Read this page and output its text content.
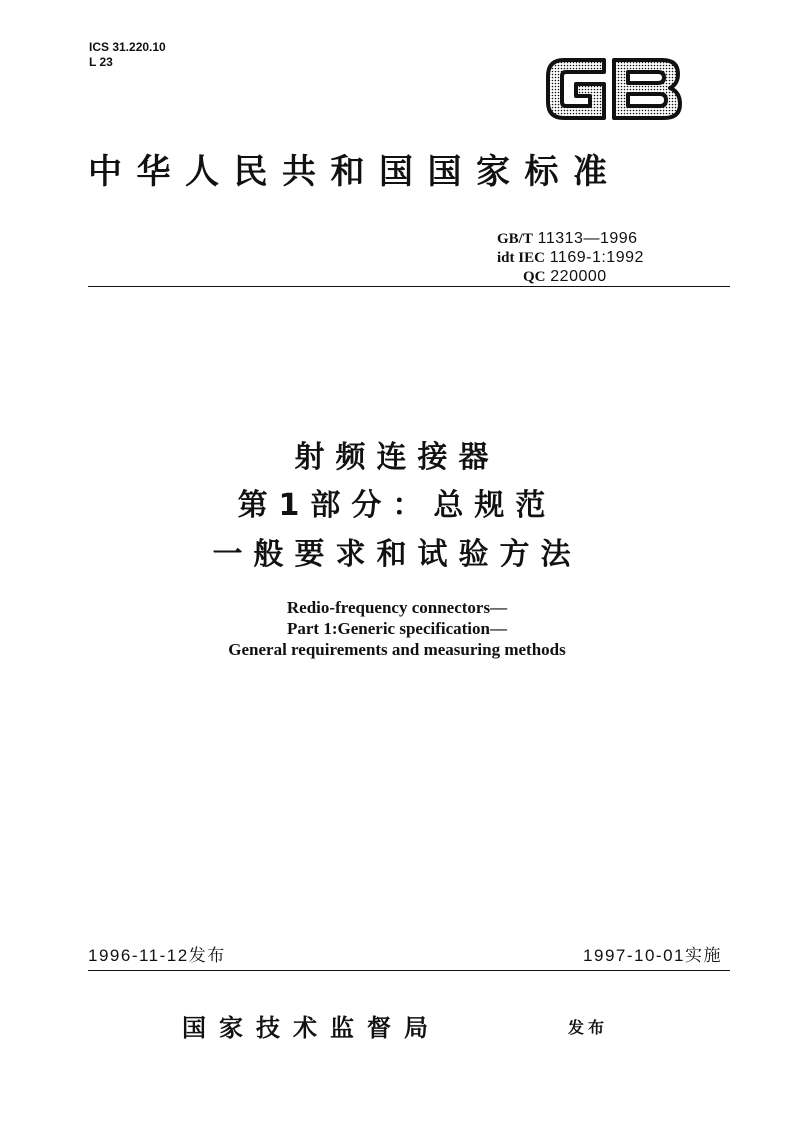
ICS 31.220.10
L 23
中华人民共和国国家标准
GB/T 11313—1996
idt IEC 1169-1:1992
QC 220000
射频连接器
第1部分：总规范
一般要求和试验方法
Redio-frequency connectors—
Part 1:Generic specification—
General requirements and measuring methods
1996-11-12发布	1997-10-01实施
国家技术监督局	发布
